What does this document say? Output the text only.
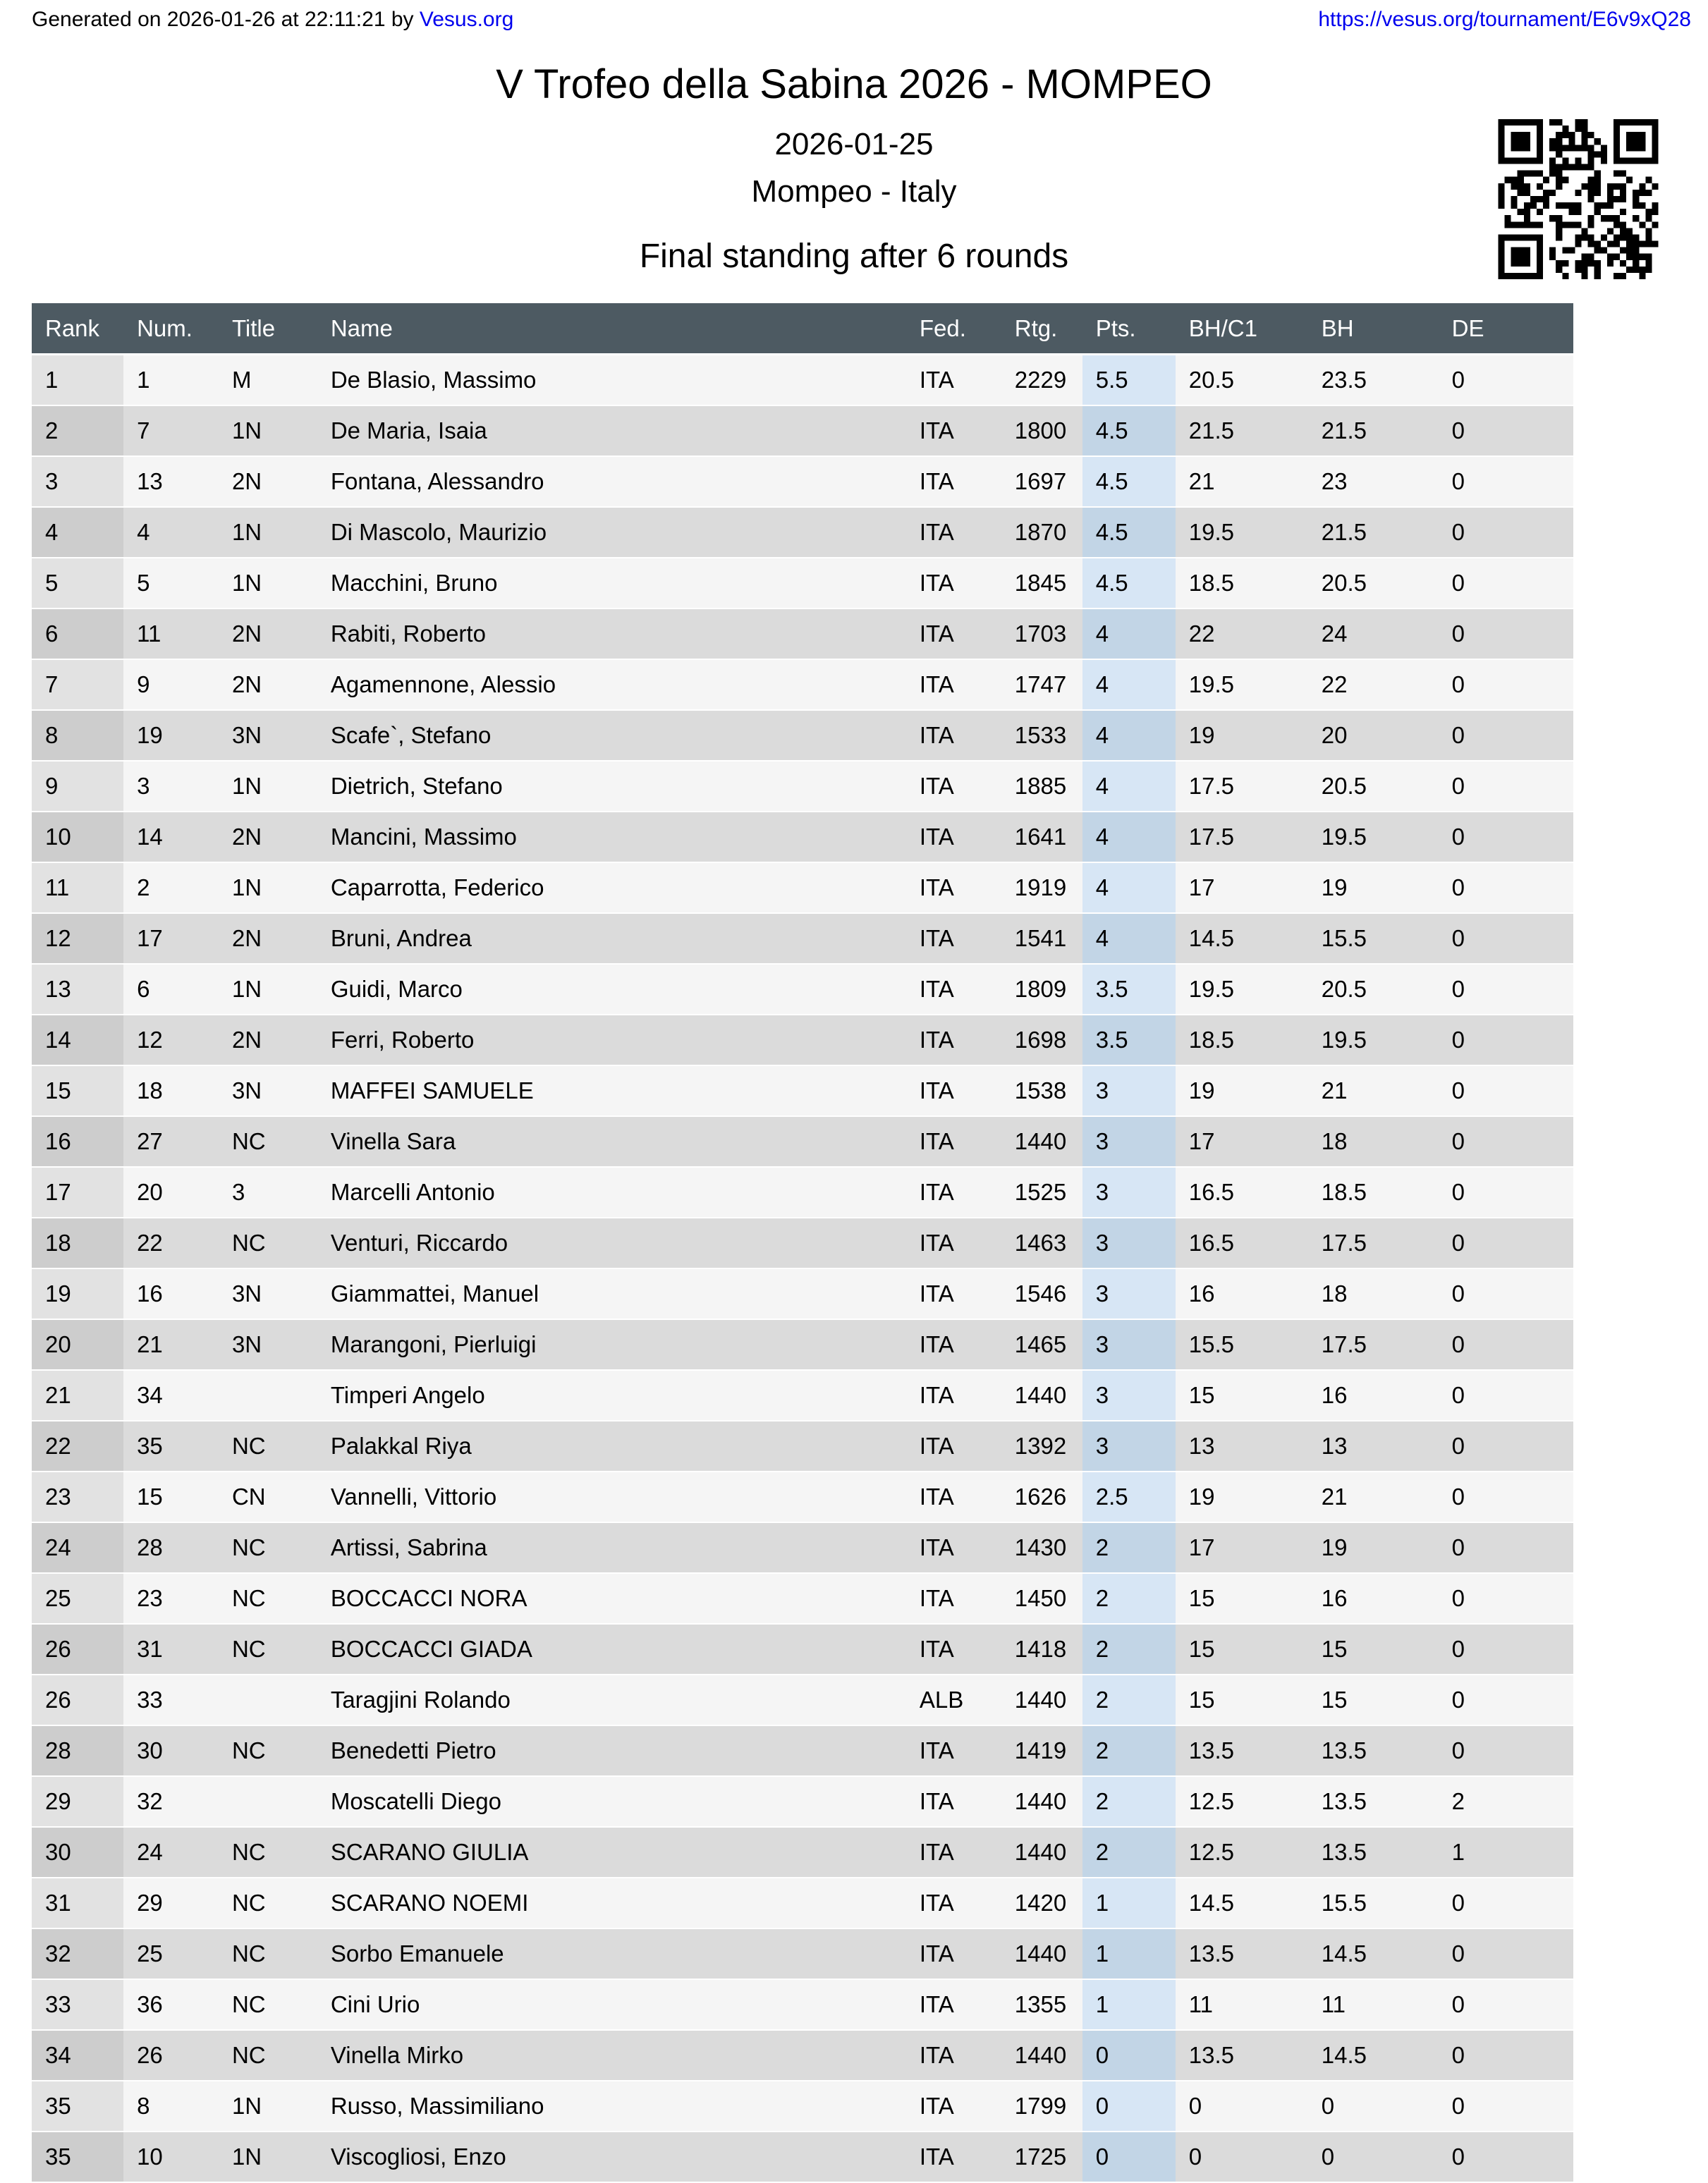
Generated on 2026-01-26 at 22:11:21 by Vesus.org	https://vesus.org/tournament/E6v9xQ28
V Trofeo della Sabina 2026 - MOMPEO
2026-01-25
Mompeo - Italy
Final standing after 6 rounds
Rank	Num.	Title	Name	Fed.	Rtg.	Pts.	BH/C1	BH	DE
1	1	M	De Blasio, Massimo	ITA	2229	5.5	20.5	23.5	0
2	7	1N	De Maria, Isaia	ITA	1800	4.5	21.5	21.5	0
3	13	2N	Fontana, Alessandro	ITA	1697	4.5	21	23	0
4	4	1N	Di Mascolo, Maurizio	ITA	1870	4.5	19.5	21.5	0
5	5	1N	Macchini, Bruno	ITA	1845	4.5	18.5	20.5	0
6	11	2N	Rabiti, Roberto	ITA	1703	4	22	24	0
7	9	2N	Agamennone, Alessio	ITA	1747	4	19.5	22	0
8	19	3N	Scafe`, Stefano	ITA	1533	4	19	20	0
9	3	1N	Dietrich, Stefano	ITA	1885	4	17.5	20.5	0
10	14	2N	Mancini, Massimo	ITA	1641	4	17.5	19.5	0
11	2	1N	Caparrotta, Federico	ITA	1919	4	17	19	0
12	17	2N	Bruni, Andrea	ITA	1541	4	14.5	15.5	0
13	6	1N	Guidi, Marco	ITA	1809	3.5	19.5	20.5	0
14	12	2N	Ferri, Roberto	ITA	1698	3.5	18.5	19.5	0
15	18	3N	MAFFEI SAMUELE	ITA	1538	3	19	21	0
16	27	NC	Vinella Sara	ITA	1440	3	17	18	0
17	20	3	Marcelli Antonio	ITA	1525	3	16.5	18.5	0
18	22	NC	Venturi, Riccardo	ITA	1463	3	16.5	17.5	0
19	16	3N	Giammattei, Manuel	ITA	1546	3	16	18	0
20	21	3N	Marangoni, Pierluigi	ITA	1465	3	15.5	17.5	0
21	34		Timperi Angelo	ITA	1440	3	15	16	0
22	35	NC	Palakkal Riya	ITA	1392	3	13	13	0
23	15	CN	Vannelli, Vittorio	ITA	1626	2.5	19	21	0
24	28	NC	Artissi, Sabrina	ITA	1430	2	17	19	0
25	23	NC	BOCCACCI NORA	ITA	1450	2	15	16	0
26	31	NC	BOCCACCI GIADA	ITA	1418	2	15	15	0
26	33		Taragjini Rolando	ALB	1440	2	15	15	0
28	30	NC	Benedetti Pietro	ITA	1419	2	13.5	13.5	0
29	32		Moscatelli Diego	ITA	1440	2	12.5	13.5	2
30	24	NC	SCARANO GIULIA	ITA	1440	2	12.5	13.5	1
31	29	NC	SCARANO NOEMI	ITA	1420	1	14.5	15.5	0
32	25	NC	Sorbo Emanuele	ITA	1440	1	13.5	14.5	0
33	36	NC	Cini Urio	ITA	1355	1	11	11	0
34	26	NC	Vinella Mirko	ITA	1440	0	13.5	14.5	0
35	8	1N	Russo, Massimiliano	ITA	1799	0	0	0	0
35	10	1N	Viscogliosi, Enzo	ITA	1725	0	0	0	0
